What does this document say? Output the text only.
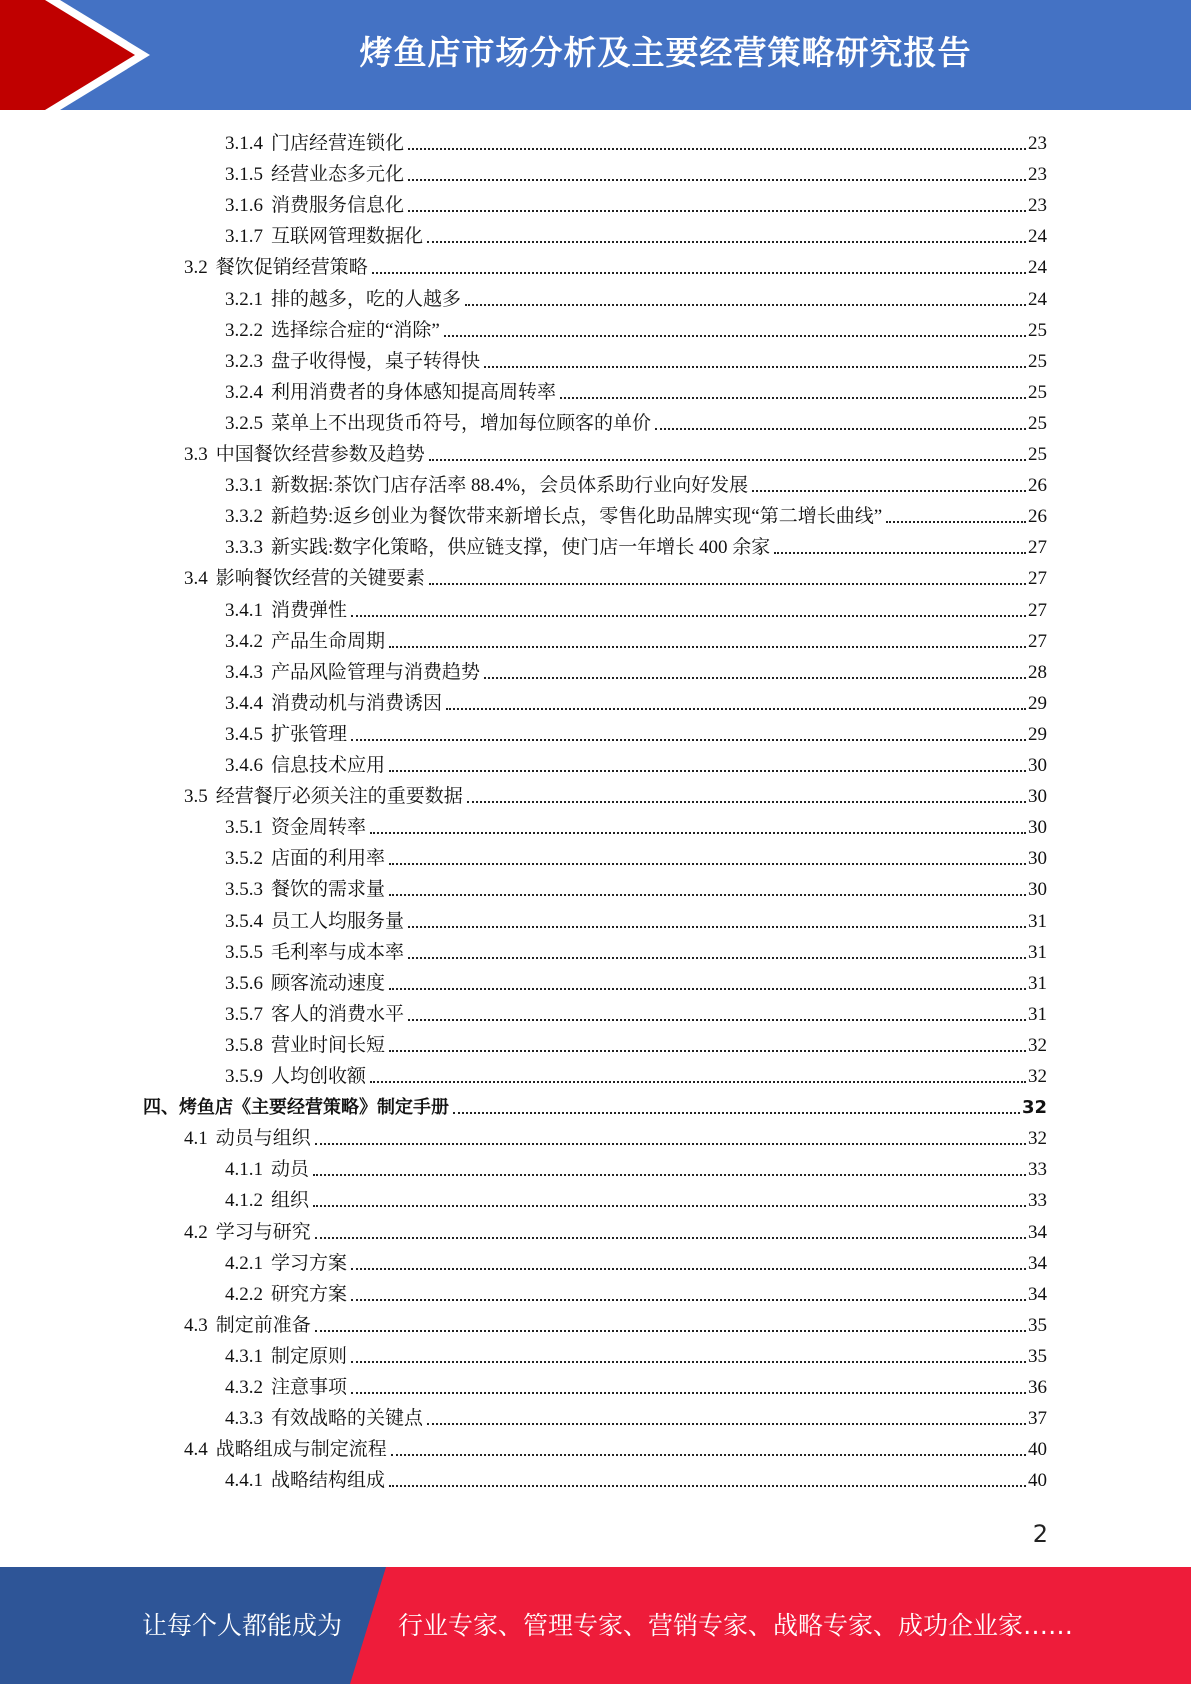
烤鱼店市场分析及主要经营策略研究报告
3.1.4 门店经营连锁化	23
3.1.5 经营业态多元化	23
3.1.6 消费服务信息化	23
3.1.7 互联网管理数据化	24
3.2 餐饮促销经营策略	24
3.2.1 排的越多，吃的人越多	24
3.2.2 选择综合症的“消除”	25
3.2.3 盘子收得慢，桌子转得快	25
3.2.4 利用消费者的身体感知提高周转率	25
3.2.5 菜单上不出现货币符号，增加每位顾客的单价	25
3.3 中国餐饮经营参数及趋势	25
3.3.1 新数据:茶饮门店存活率 88.4%，会员体系助行业向好发展	26
3.3.2 新趋势:返乡创业为餐饮带来新增长点，零售化助品牌实现“第二增长曲线”	26
3.3.3 新实践:数字化策略，供应链支撑，使门店一年增长 400 余家	27
3.4 影响餐饮经营的关键要素	27
3.4.1 消费弹性	27
3.4.2 产品生命周期	27
3.4.3 产品风险管理与消费趋势	28
3.4.4 消费动机与消费诱因	29
3.4.5 扩张管理	29
3.4.6 信息技术应用	30
3.5 经营餐厅必须关注的重要数据	30
3.5.1 资金周转率	30
3.5.2 店面的利用率	30
3.5.3 餐饮的需求量	30
3.5.4 员工人均服务量	31
3.5.5 毛利率与成本率	31
3.5.6 顾客流动速度	31
3.5.7 客人的消费水平	31
3.5.8 营业时间长短	32
3.5.9 人均创收额	32
四、烤鱼店《主要经营策略》制定手册	32
4.1 动员与组织	32
4.1.1 动员	33
4.1.2 组织	33
4.2 学习与研究	34
4.2.1 学习方案	34
4.2.2 研究方案	34
4.3 制定前准备	35
4.3.1 制定原则	35
4.3.2 注意事项	36
4.3.3 有效战略的关键点	37
4.4 战略组成与制定流程	40
4.4.1 战略结构组成	40
2
让每个人都能成为 行业专家、管理专家、营销专家、战略专家、成功企业家……
